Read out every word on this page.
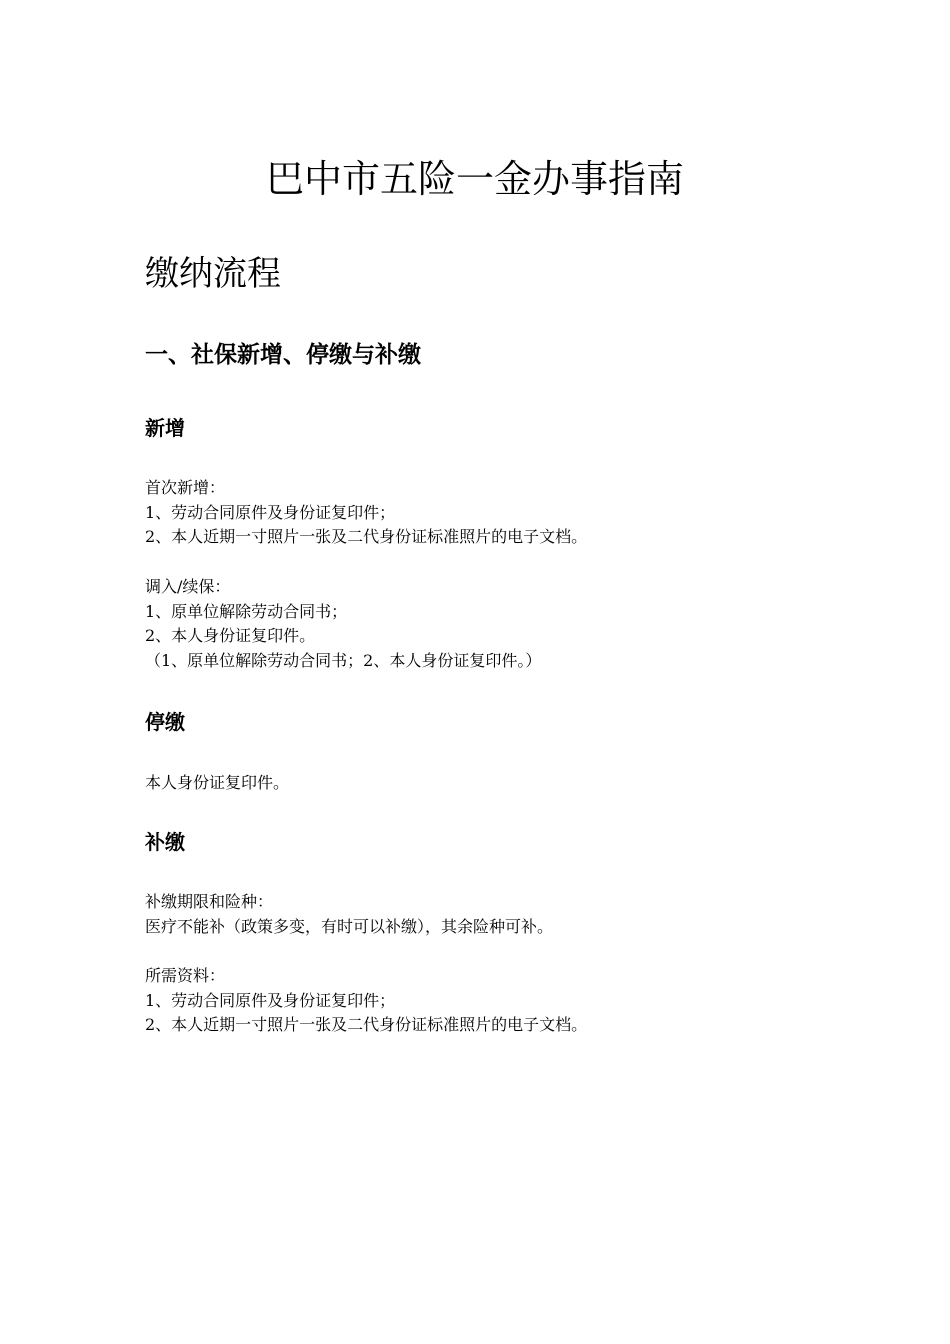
巴中市五险一金办事指南
缴纳流程
一、社保新增、停缴与补缴
新增

首次新增：
1、劳动合同原件及身份证复印件；
2、本人近期一寸照片一张及二代身份证标准照片的电子文档。

调入/续保：
1、原单位解除劳动合同书；
2、本人身份证复印件。
（1、原单位解除劳动合同书；2、本人身份证复印件。）

停缴

本人身份证复印件。

补缴

补缴期限和险种：
医疗不能补（政策多变，有时可以补缴），其余险种可补。

所需资料：
1、劳动合同原件及身份证复印件；
2、本人近期一寸照片一张及二代身份证标准照片的电子文档。
